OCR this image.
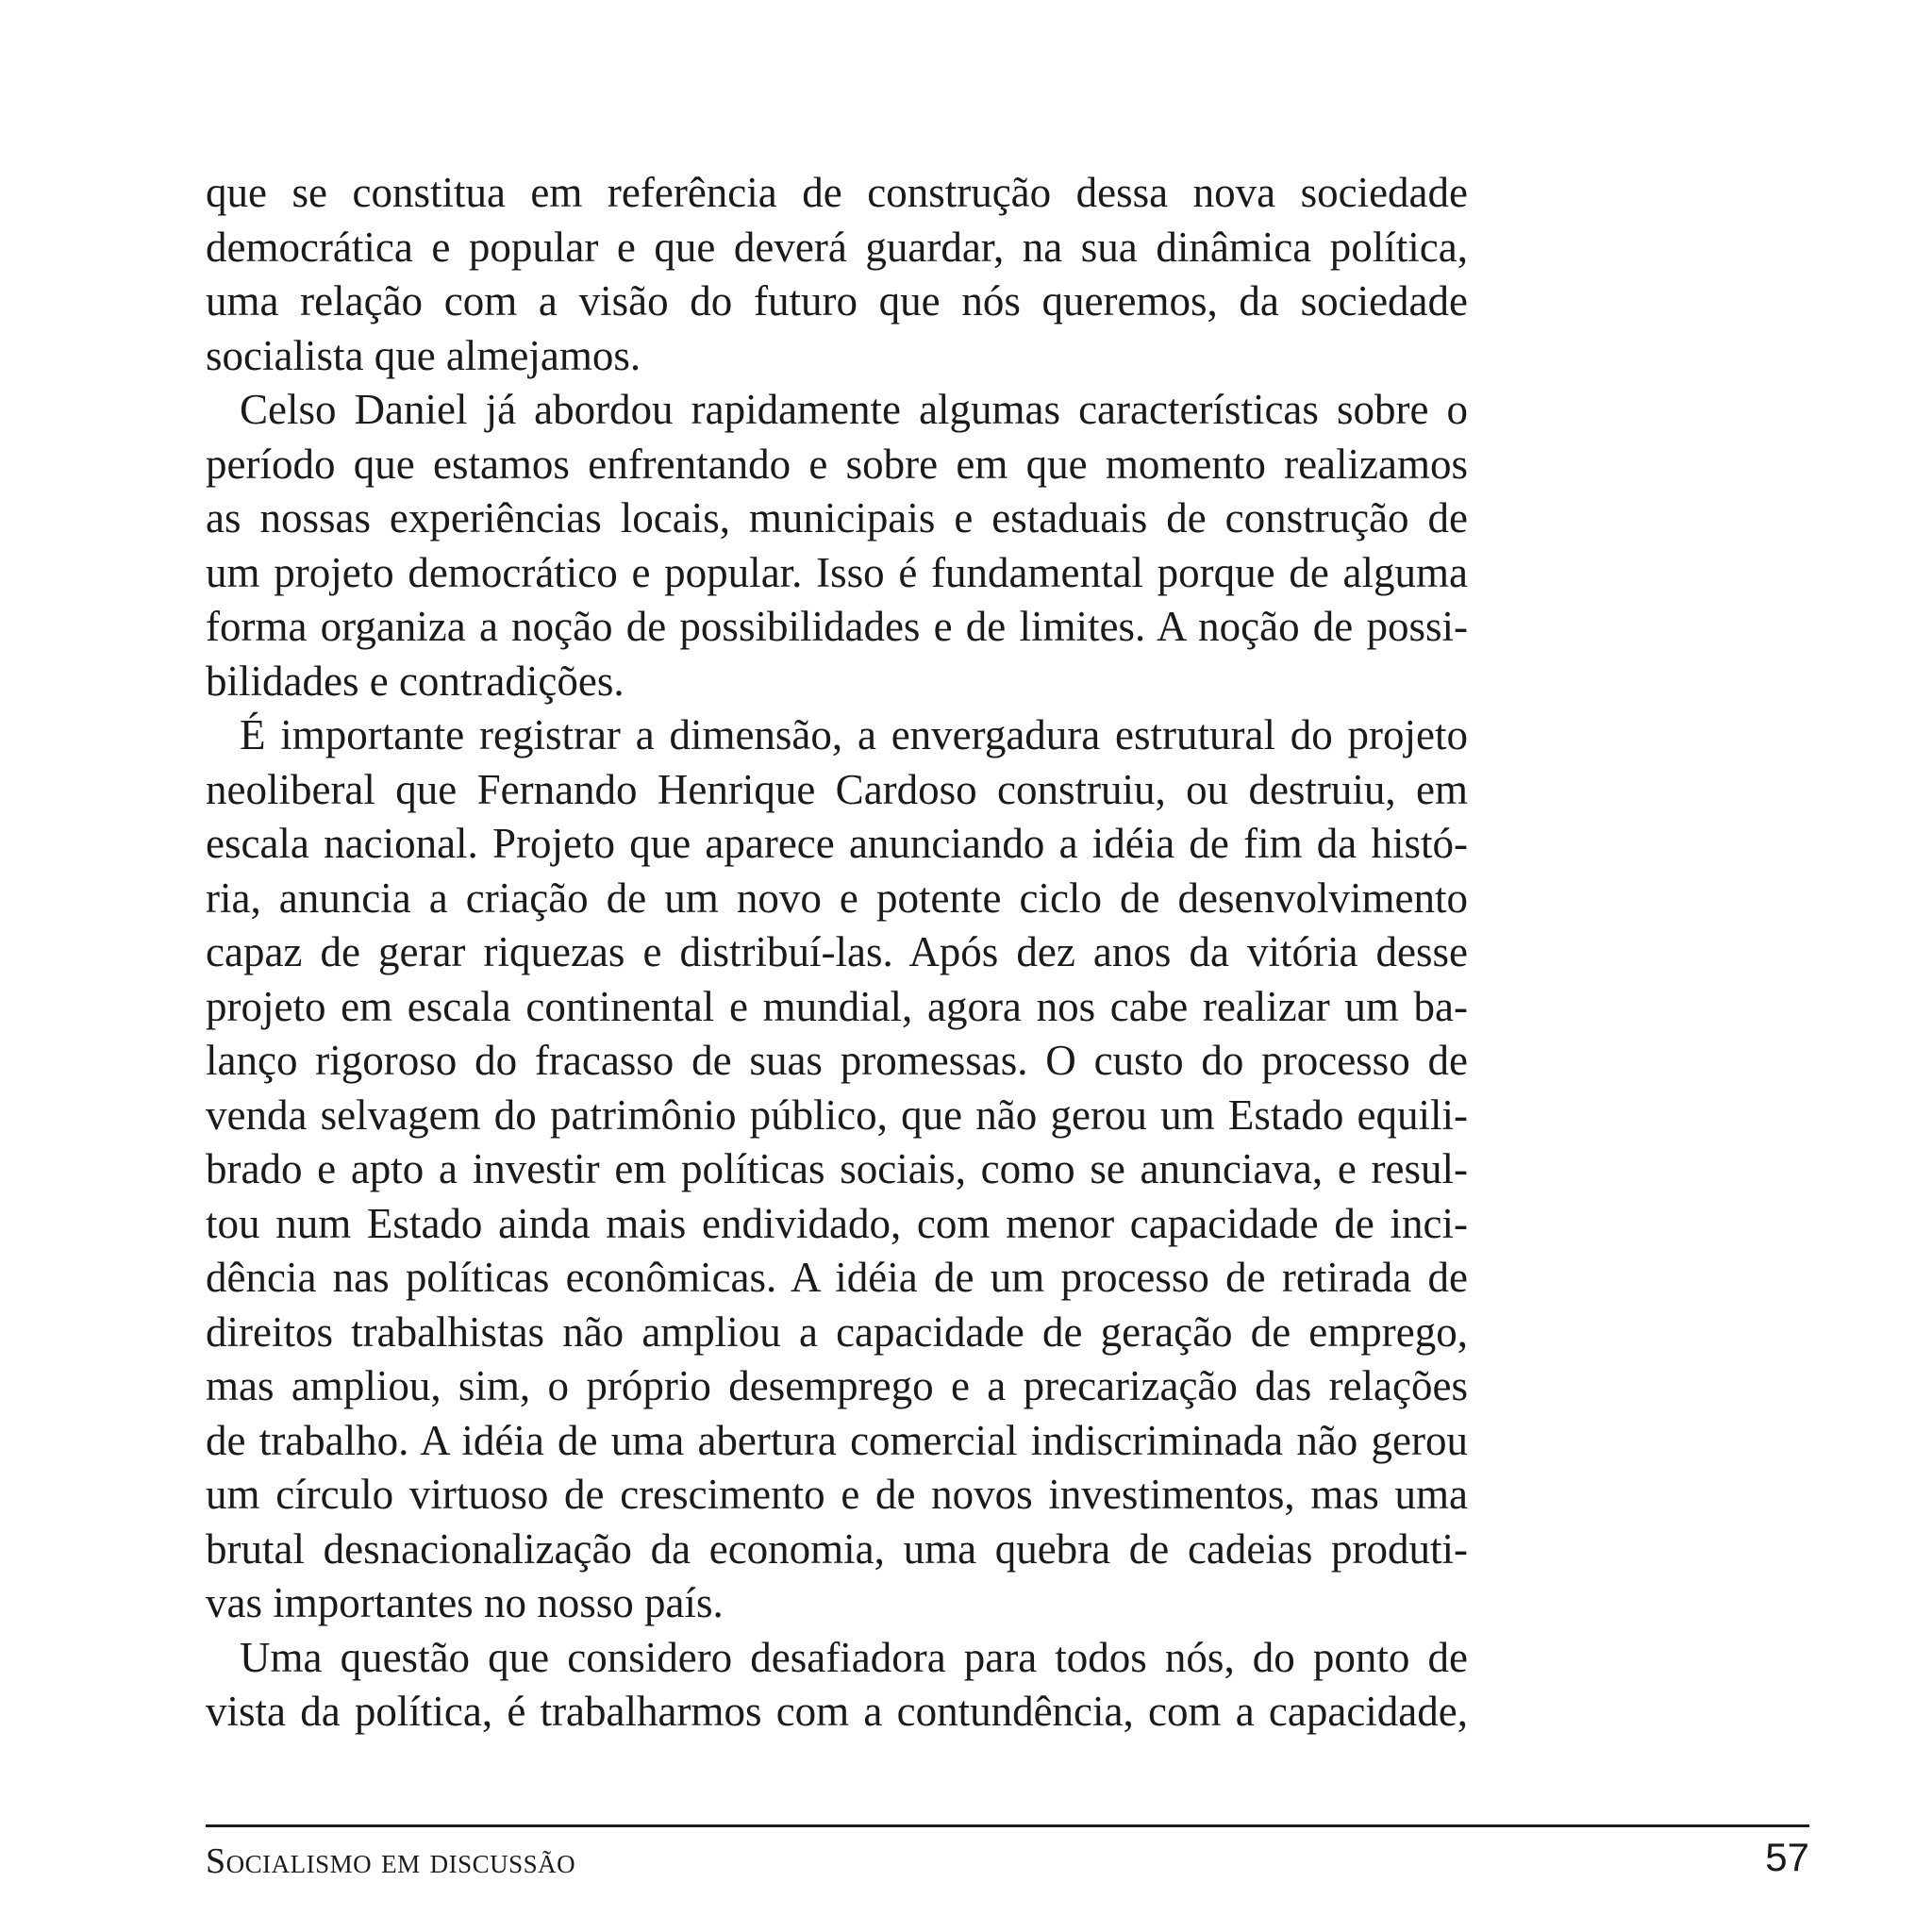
que se constitua em referência de construção dessa nova sociedade
democrática e popular e que deverá guardar, na sua dinâmica política,
uma relação com a visão do futuro que nós queremos, da sociedade
socialista que almejamos.
Celso Daniel já abordou rapidamente algumas características sobre o
período que estamos enfrentando e sobre em que momento realizamos
as nossas experiências locais, municipais e estaduais de construção de
um projeto democrático e popular. Isso é fundamental porque de alguma
forma organiza a noção de possibilidades e de limites. A noção de possi-
bilidades e contradições.
É importante registrar a dimensão, a envergadura estrutural do projeto
neoliberal que Fernando Henrique Cardoso construiu, ou destruiu, em
escala nacional. Projeto que aparece anunciando a idéia de fim da histó-
ria, anuncia a criação de um novo e potente ciclo de desenvolvimento
capaz de gerar riquezas e distribuí-las. Após dez anos da vitória desse
projeto em escala continental e mundial, agora nos cabe realizar um ba-
lanço rigoroso do fracasso de suas promessas. O custo do processo de
venda selvagem do patrimônio público, que não gerou um Estado equili-
brado e apto a investir em políticas sociais, como se anunciava, e resul-
tou num Estado ainda mais endividado, com menor capacidade de inci-
dência nas políticas econômicas. A idéia de um processo de retirada de
direitos trabalhistas não ampliou a capacidade de geração de emprego,
mas ampliou, sim, o próprio desemprego e a precarização das relações
de trabalho. A idéia de uma abertura comercial indiscriminada não gerou
um círculo virtuoso de crescimento e de novos investimentos, mas uma
brutal desnacionalização da economia, uma quebra de cadeias produti-
vas importantes no nosso país.
Uma questão que considero desafiadora para todos nós, do ponto de
vista da política, é trabalharmos com a contundência, com a capacidade,
Socialismo em discussão	57
